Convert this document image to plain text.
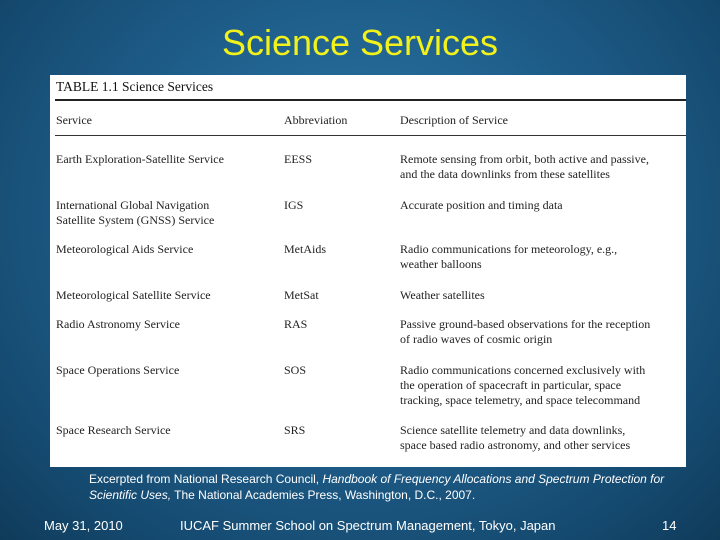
Science Services
TABLE 1.1 Science Services
Service	Abbreviation	Description of Service
Earth Exploration-Satellite Service	EESS	Remote sensing from orbit, both active and passive,
and the data downlinks from these satellites
International Global Navigation
Satellite System (GNSS) Service
IGS	Accurate position and timing data
Meteorological Aids Service	MetAids	Radio communications for meteorology, e.g.,
weather balloons
Meteorological Satellite Service	MetSat	Weather satellites
Radio Astronomy Service	RAS	Passive ground-based observations for the reception
of radio waves of cosmic origin
Space Operations Service	SOS	Radio communications concerned exclusively with
the operation of spacecraft in particular, space
tracking, space telemetry, and space telecommand
Space Research Service	SRS	Science satellite telemetry and data downlinks,
space based radio astronomy, and other services
Excerpted from National Research Council, Handbook of Frequency Allocations and Spectrum Protection for Scientific Uses, The National Academies Press, Washington, D.C., 2007.
May 31, 2010	IUCAF Summer School on Spectrum Management, Tokyo, Japan	14
